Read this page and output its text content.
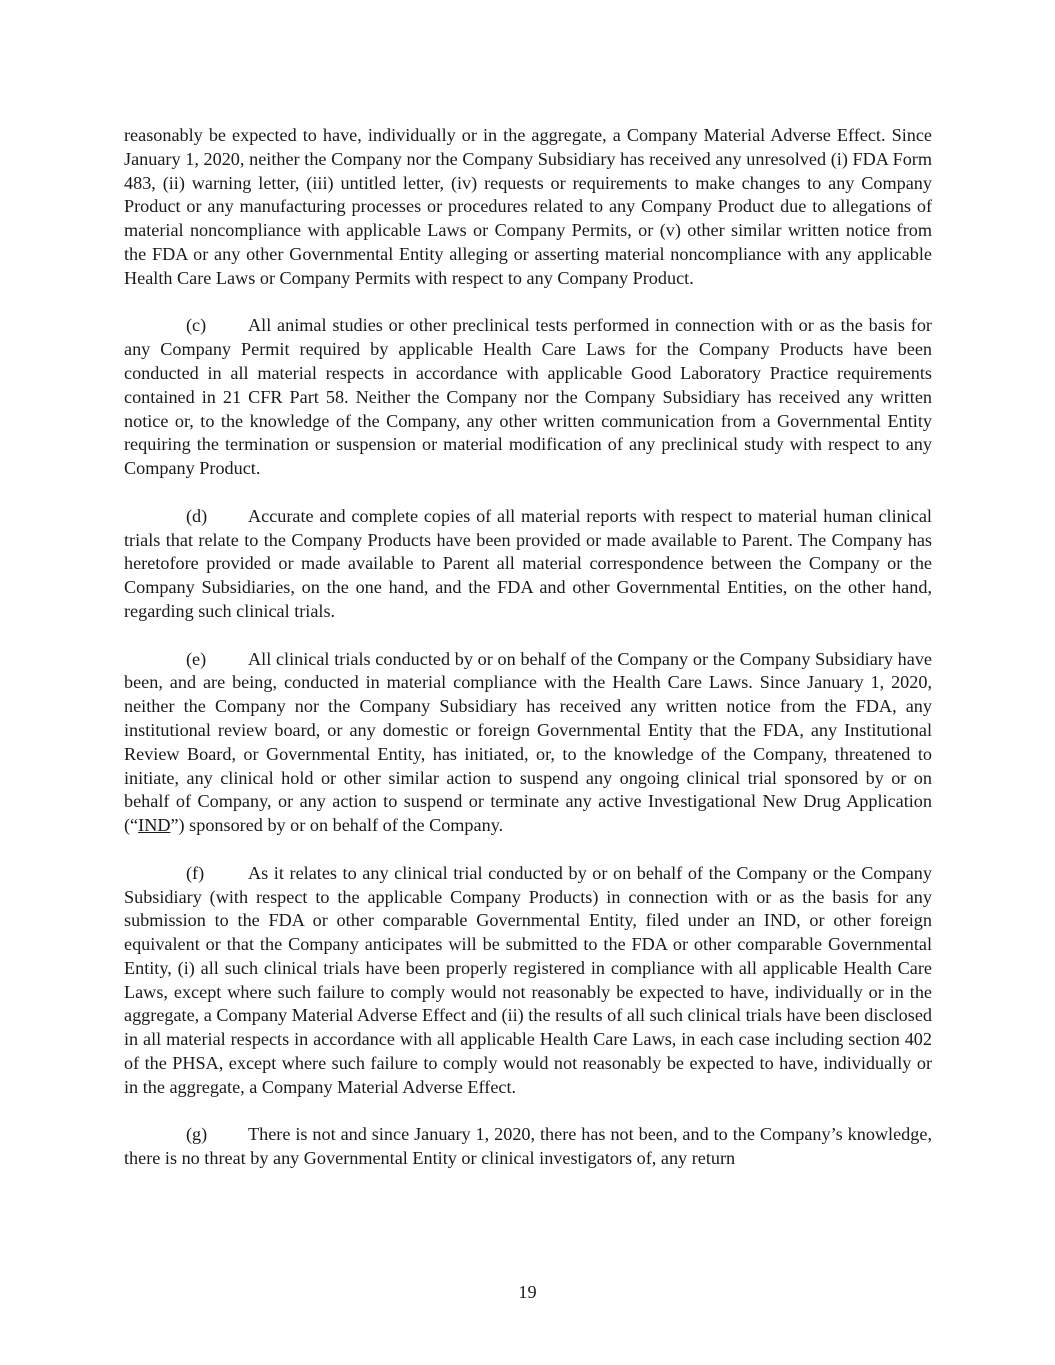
reasonably be expected to have, individually or in the aggregate, a Company Material Adverse Effect. Since January 1, 2020, neither the Company nor the Company Subsidiary has received any unresolved (i) FDA Form 483, (ii) warning letter, (iii) untitled letter, (iv) requests or requirements to make changes to any Company Product or any manufacturing processes or procedures related to any Company Product due to allegations of material noncompliance with applicable Laws or Company Permits, or (v) other similar written notice from the FDA or any other Governmental Entity alleging or asserting material noncompliance with any applicable Health Care Laws or Company Permits with respect to any Company Product.

(c) All animal studies or other preclinical tests performed in connection with or as the basis for any Company Permit required by applicable Health Care Laws for the Company Products have been conducted in all material respects in accordance with applicable Good Laboratory Practice requirements contained in 21 CFR Part 58. Neither the Company nor the Company Subsidiary has received any written notice or, to the knowledge of the Company, any other written communication from a Governmental Entity requiring the termination or suspension or material modification of any preclinical study with respect to any Company Product.

(d) Accurate and complete copies of all material reports with respect to material human clinical trials that relate to the Company Products have been provided or made available to Parent. The Company has heretofore provided or made available to Parent all material correspondence between the Company or the Company Subsidiaries, on the one hand, and the FDA and other Governmental Entities, on the other hand, regarding such clinical trials.

(e) All clinical trials conducted by or on behalf of the Company or the Company Subsidiary have been, and are being, conducted in material compliance with the Health Care Laws. Since January 1, 2020, neither the Company nor the Company Subsidiary has received any written notice from the FDA, any institutional review board, or any domestic or foreign Governmental Entity that the FDA, any Institutional Review Board, or Governmental Entity, has initiated, or, to the knowledge of the Company, threatened to initiate, any clinical hold or other similar action to suspend any ongoing clinical trial sponsored by or on behalf of Company, or any action to suspend or terminate any active Investigational New Drug Application (“IND”) sponsored by or on behalf of the Company.

(f) As it relates to any clinical trial conducted by or on behalf of the Company or the Company Subsidiary (with respect to the applicable Company Products) in connection with or as the basis for any submission to the FDA or other comparable Governmental Entity, filed under an IND, or other foreign equivalent or that the Company anticipates will be submitted to the FDA or other comparable Governmental Entity, (i) all such clinical trials have been properly registered in compliance with all applicable Health Care Laws, except where such failure to comply would not reasonably be expected to have, individually or in the aggregate, a Company Material Adverse Effect and (ii) the results of all such clinical trials have been disclosed in all material respects in accordance with all applicable Health Care Laws, in each case including section 402 of the PHSA, except where such failure to comply would not reasonably be expected to have, individually or in the aggregate, a Company Material Adverse Effect.

(g) There is not and since January 1, 2020, there has not been, and to the Company’s knowledge, there is no threat by any Governmental Entity or clinical investigators of, any return

19
